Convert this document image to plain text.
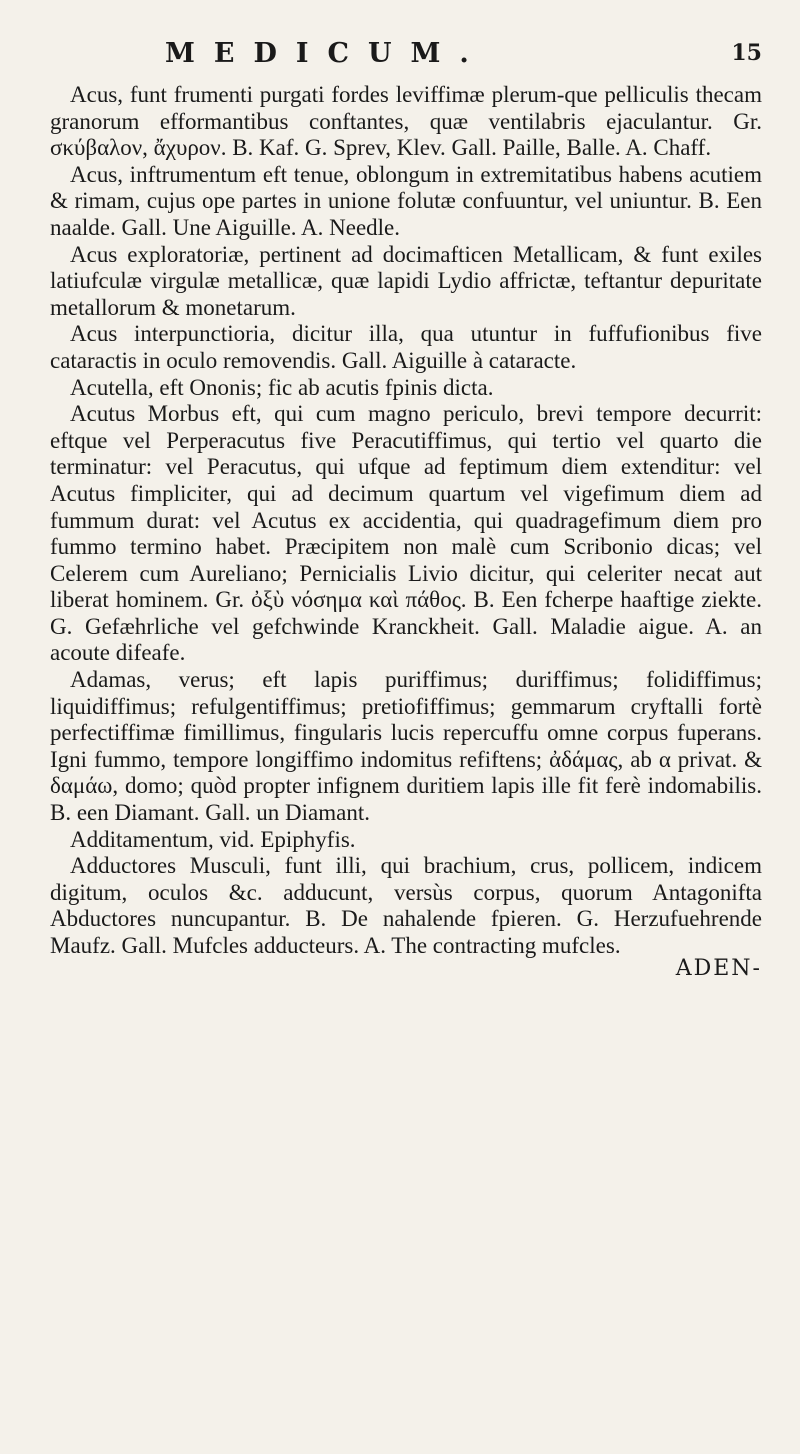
MEDICUM.	15

Acus, funt frumenti purgati fordes leviffimæ plerum-que pelliculis thecam granorum efformantibus conftantes, quæ ventilabris ejaculantur. Gr. σκύβαλον, ἄχυρον. B. Kaf. G. Sprev, Klev. Gall. Paille, Balle. A. Chaff.

Acus, inftrumentum eft tenue, oblongum in extremitatibus habens acutiem & rimam, cujus ope partes in unione folutæ confuuntur, vel uniuntur. B. Een naalde. Gall. Une Aiguille. A. Needle.

Acus exploratoriæ, pertinent ad docimafticen Metallicam, & funt exiles latiufculæ virgulæ metallicæ, quæ lapidi Lydio affrictæ, teftantur depuritate metallorum & monetarum.

Acus interpunctioria, dicitur illa, qua utuntur in fuffufionibus five cataractis in oculo removendis. Gall. Aiguille à cataracte.

Acutella, eft Ononis; fic ab acutis fpinis dicta.

Acutus Morbus eft, qui cum magno periculo, brevi tempore decurrit: eftque vel Perperacutus five Peracutiffimus, qui tertio vel quarto die terminatur: vel Peracutus, qui ufque ad feptimum diem extenditur: vel Acutus fimpliciter, qui ad decimum quartum vel vigefimum diem ad fummum durat: vel Acutus ex accidentia, qui quadragefimum diem pro fummo termino habet. Præcipitem non malè cum Scribonio dicas; vel Celerem cum Aureliano; Pernicialis Livio dicitur, qui celeriter necat aut liberat hominem. Gr. ὀξὺ νόσημα καὶ πάθος. B. Een fcherpe haaftige ziekte. G. Gefæhrliche vel gefchwinde Kranckheit. Gall. Maladie aigue. A. an acoute difeafe.

Adamas, verus; eft lapis puriffimus; duriffimus; folidiffimus; liquidiffimus; refulgentiffimus; pretiofiffimus; gemmarum cryftalli fortè perfectiffimæ fimillimus, fingularis lucis repercuffu omne corpus fuperans. Igni fummo, tempore longiffimo indomitus refiftens; ἀδάμας, ab α privat. & δαμάω, domo; quòd propter infignem duritiem lapis ille fit ferè indomabilis. B. een Diamant. Gall. un Diamant.

Additamentum, vid. Epiphyfis.

Adductores Musculi, funt illi, qui brachium, crus, pollicem, indicem digitum, oculos &c. adducunt, versùs corpus, quorum Antagonifta Abductores nuncupantur. B. De nahalende fpieren. G. Herzufuehrende Maufz. Gall. Mufcles adducteurs. A. The contracting mufcles.

ADEN-
